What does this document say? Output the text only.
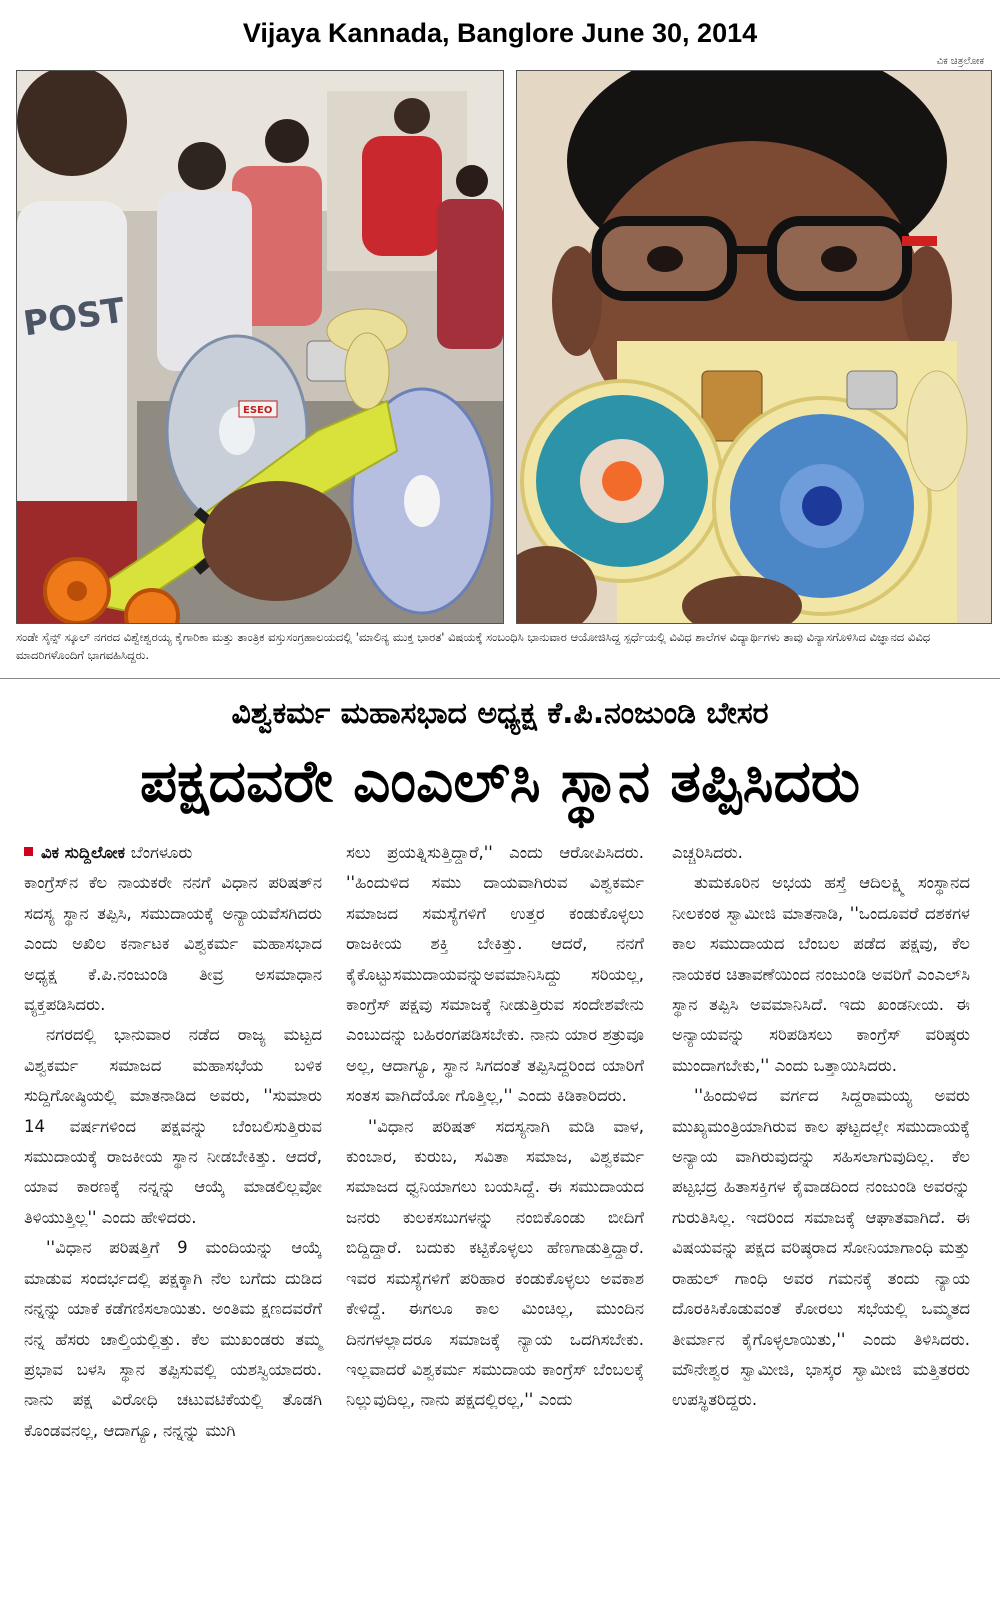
Vijaya Kannada, Banglore June 30, 2014
ವಿಕ ಚಿತ್ರಲೋಕ
POST
ESEO
ಸಂಡೇ ಸೈನ್ಸ್ ಸ್ಕೂಲ್ ನಗರದ ವಿಶ್ವೇಶ್ವರಯ್ಯ ಕೈಗಾರಿಕಾ ಮತ್ತು ತಾಂತ್ರಿಕ ವಸ್ತುಸಂಗ್ರಹಾಲಯದಲ್ಲಿ 'ಮಾಲಿನ್ಯ ಮುಕ್ತ ಭಾರತ' ವಿಷಯಕ್ಕೆ ಸಂಬಂಧಿಸಿ ಭಾನುವಾರ ಆಯೋಜಿಸಿದ್ದ ಸ್ಪರ್ಧೆಯಲ್ಲಿ ವಿವಿಧ ಶಾಲೆಗಳ ವಿದ್ಯಾರ್ಥಿಗಳು ತಾವು ವಿನ್ಯಾಸಗೊಳಿಸಿದ ವಿಜ್ಞಾನದ ವಿವಿಧ ಮಾದರಿಗಳೊಂದಿಗೆ ಭಾಗವಹಿಸಿದ್ದರು.
ವಿಶ್ವಕರ್ಮ ಮಹಾಸಭಾದ ಅಧ್ಯಕ್ಷ ಕೆ.ಪಿ.ನಂಜುಂಡಿ ಬೇಸರ
ಪಕ್ಷದವರೇ ಎಂಎಲ್‌ಸಿ ಸ್ಥಾನ ತಪ್ಪಿಸಿದರು

ವಿಕ ಸುದ್ದಿಲೋಕ ಬೆಂಗಳೂರು

ಕಾಂಗ್ರೆಸ್‌ನ ಕೆಲ ನಾಯಕರೇ ನನಗೆ ವಿಧಾನ ಪರಿಷತ್‌ನ ಸದಸ್ಯ ಸ್ಥಾನ ತಪ್ಪಿಸಿ, ಸಮುದಾಯಕ್ಕೆ ಅನ್ಯಾಯವೆಸಗಿದರು ಎಂದು ಅಖಿಲ ಕರ್ನಾಟಕ ವಿಶ್ವಕರ್ಮ ಮಹಾಸಭಾದ ಅಧ್ಯಕ್ಷ ಕೆ.ಪಿ.ನಂಜುಂಡಿ ತೀವ್ರ ಅಸಮಾಧಾನ ವ್ಯಕ್ತಪಡಿಸಿದರು.

ನಗರದಲ್ಲಿ ಭಾನುವಾರ ನಡೆದ ರಾಜ್ಯ ಮಟ್ಟದ ವಿಶ್ವಕರ್ಮ ಸಮಾಜದ ಮಹಾಸಭೆಯ ಬಳಿಕ ಸುದ್ದಿಗೋಷ್ಠಿಯಲ್ಲಿ ಮಾತನಾಡಿದ ಅವರು, ''ಸುಮಾರು 14 ವರ್ಷಗಳಿಂದ ಪಕ್ಷವನ್ನು ಬೆಂಬಲಿಸುತ್ತಿರುವ ಸಮುದಾಯಕ್ಕೆ ರಾಜಕೀಯ ಸ್ಥಾನ ನೀಡಬೇಕಿತ್ತು. ಆದರೆ, ಯಾವ ಕಾರಣಕ್ಕೆ ನನ್ನನ್ನು ಆಯ್ಕೆ ಮಾಡಲಿಲ್ಲವೋ ತಿಳಿಯುತ್ತಿಲ್ಲ'' ಎಂದು ಹೇಳಿದರು.

''ವಿಧಾನ ಪರಿಷತ್ತಿಗೆ 9 ಮಂದಿಯನ್ನು ಆಯ್ಕೆ ಮಾಡುವ ಸಂದರ್ಭದಲ್ಲಿ ಪಕ್ಷಕ್ಕಾಗಿ ನೆಲ ಬಗೆದು ದುಡಿದ ನನ್ನನ್ನು ಯಾಕೆ ಕಡೆಗಣಿಸಲಾಯಿತು. ಅಂತಿಮ ಕ್ಷಣದವರೆಗೆ ನನ್ನ ಹೆಸರು ಚಾಲ್ತಿಯಲ್ಲಿತ್ತು. ಕೆಲ ಮುಖಂಡರು ತಮ್ಮ ಪ್ರಭಾವ ಬಳಸಿ ಸ್ಥಾನ ತಪ್ಪಿಸುವಲ್ಲಿ ಯಶಸ್ವಿಯಾದರು. ನಾನು ಪಕ್ಷ ವಿರೋಧಿ ಚಟುವಟಿಕೆಯಲ್ಲಿ ತೊಡಗಿ ಕೊಂಡವನಲ್ಲ, ಆದಾಗ್ಯೂ, ನನ್ನನ್ನು ಮುಗಿ

ಸಲು ಪ್ರಯತ್ನಿಸುತ್ತಿದ್ದಾರೆ,'' ಎಂದು ಆರೋಪಿಸಿದರು. ''ಹಿಂದುಳಿದ ಸಮು ದಾಯವಾಗಿರುವ ವಿಶ್ವಕರ್ಮ ಸಮಾಜದ ಸಮಸ್ಯೆಗಳಿಗೆ ಉತ್ತರ ಕಂಡುಕೊಳ್ಳಲು ರಾಜಕೀಯ ಶಕ್ತಿ ಬೇಕಿತ್ತು. ಆದರೆ, ನನಗೆ ಕೈಕೊಟ್ಟುಸಮುದಾಯವನ್ನುಅವಮಾನಿಸಿದ್ದು ಸರಿಯಲ್ಲ, ಕಾಂಗ್ರೆಸ್ ಪಕ್ಷವು ಸಮಾಜಕ್ಕೆ ನೀಡುತ್ತಿರುವ ಸಂದೇಶವೇನು ಎಂಬುದನ್ನು ಬಹಿರಂಗಪಡಿಸಬೇಕು. ನಾನು ಯಾರ ಶತ್ರುವೂ ಅಲ್ಲ, ಆದಾಗ್ಯೂ, ಸ್ಥಾನ ಸಿಗದಂತೆ ತಪ್ಪಿಸಿದ್ದರಿಂದ ಯಾರಿಗೆ ಸಂತಸ ವಾಗಿದೆಯೋ ಗೊತ್ತಿಲ್ಲ,'' ಎಂದು ಕಿಡಿಕಾರಿದರು.

''ವಿಧಾನ ಪರಿಷತ್ ಸದಸ್ಯನಾಗಿ ಮಡಿ ವಾಳ, ಕುಂಬಾರ, ಕುರುಬ, ಸವಿತಾ ಸಮಾಜ, ವಿಶ್ವಕರ್ಮ ಸಮಾಜದ ಧ್ವನಿಯಾಗಲು ಬಯಸಿದ್ದೆ. ಈ ಸಮುದಾಯದ ಜನರು ಕುಲಕಸಬುಗಳನ್ನು ನಂಬಿಕೊಂಡು ಬೀದಿಗೆ ಬಿದ್ದಿದ್ದಾರೆ. ಬದುಕು ಕಟ್ಟಿಕೊಳ್ಳಲು ಹೆಣಗಾಡುತ್ತಿದ್ದಾರೆ. ಇವರ ಸಮಸ್ಯೆಗಳಿಗೆ ಪರಿಹಾರ ಕಂಡುಕೊಳ್ಳಲು ಅವಕಾಶ ಕೇಳಿದ್ದೆ. ಈಗಲೂ ಕಾಲ ಮಿಂಚಿಲ್ಲ, ಮುಂದಿನ ದಿನಗಳಲ್ಲಾದರೂ ಸಮಾಜಕ್ಕೆ ನ್ಯಾಯ ಒದಗಿಸಬೇಕು. ಇಲ್ಲವಾದರೆ ವಿಶ್ವಕರ್ಮ ಸಮುದಾಯ ಕಾಂಗ್ರೆಸ್ ಬೆಂಬಲಕ್ಕೆ ನಿಲ್ಲುವುದಿಲ್ಲ, ನಾನು ಪಕ್ಷದಲ್ಲಿರಲ್ಲ,'' ಎಂದು

ಎಚ್ಚರಿಸಿದರು.

ತುಮಕೂರಿನ ಅಭಯ ಹಸ್ತೆ ಆದಿಲಕ್ಷ್ಮಿ ಸಂಸ್ಥಾನದ ನೀಲಕಂಠ ಸ್ವಾಮೀಜಿ ಮಾತನಾಡಿ, ''ಒಂದೂವರೆ ದಶಕಗಳ ಕಾಲ ಸಮುದಾಯದ ಬೆಂಬಲ ಪಡೆದ ಪಕ್ಷವು, ಕೆಲ ನಾಯಕರ ಚಿತಾವಣೆಯಿಂದ ನಂಜುಂಡಿ ಅವರಿಗೆ ಎಂಎಲ್‌ಸಿ ಸ್ಥಾನ ತಪ್ಪಿಸಿ ಅವಮಾನಿಸಿದೆ. ಇದು ಖಂಡನೀಯ. ಈ ಅನ್ಯಾಯವನ್ನು ಸರಿಪಡಿಸಲು ಕಾಂಗ್ರೆಸ್ ವರಿಷ್ಠರು ಮುಂದಾಗಬೇಕು,'' ಎಂದು ಒತ್ತಾಯಿಸಿದರು.

''ಹಿಂದುಳಿದ ವರ್ಗದ ಸಿದ್ದರಾಮಯ್ಯ ಅವರು ಮುಖ್ಯಮಂತ್ರಿಯಾಗಿರುವ ಕಾಲ ಘಟ್ಟದಲ್ಲೇ ಸಮುದಾಯಕ್ಕೆ ಅನ್ಯಾಯ ವಾಗಿರುವುದನ್ನು ಸಹಿಸಲಾಗುವುದಿಲ್ಲ. ಕೆಲ ಪಟ್ಟಭದ್ರ ಹಿತಾಸಕ್ತಿಗಳ ಕೈವಾಡದಿಂದ ನಂಜುಂಡಿ ಅವರನ್ನು ಗುರುತಿಸಿಲ್ಲ. ಇದರಿಂದ ಸಮಾಜಕ್ಕೆ ಆಘಾತವಾಗಿದೆ. ಈ ವಿಷಯವನ್ನು ಪಕ್ಷದ ವರಿಷ್ಠರಾದ ಸೋನಿಯಾಗಾಂಧಿ ಮತ್ತು ರಾಹುಲ್ ಗಾಂಧಿ ಅವರ ಗಮನಕ್ಕೆ ತಂದು ನ್ಯಾಯ ದೊರಕಿಸಿಕೊಡುವಂತೆ ಕೋರಲು ಸಭೆಯಲ್ಲಿ ಒಮ್ಮತದ ತೀರ್ಮಾನ ಕೈಗೊಳ್ಳಲಾಯಿತು,'' ಎಂದು ತಿಳಿಸಿದರು. ಮೌನೇಶ್ವರ ಸ್ವಾಮೀಜಿ, ಭಾಸ್ಕರ ಸ್ವಾಮೀಜಿ ಮತ್ತಿತರರು ಉಪಸ್ಥಿತರಿದ್ದರು.
